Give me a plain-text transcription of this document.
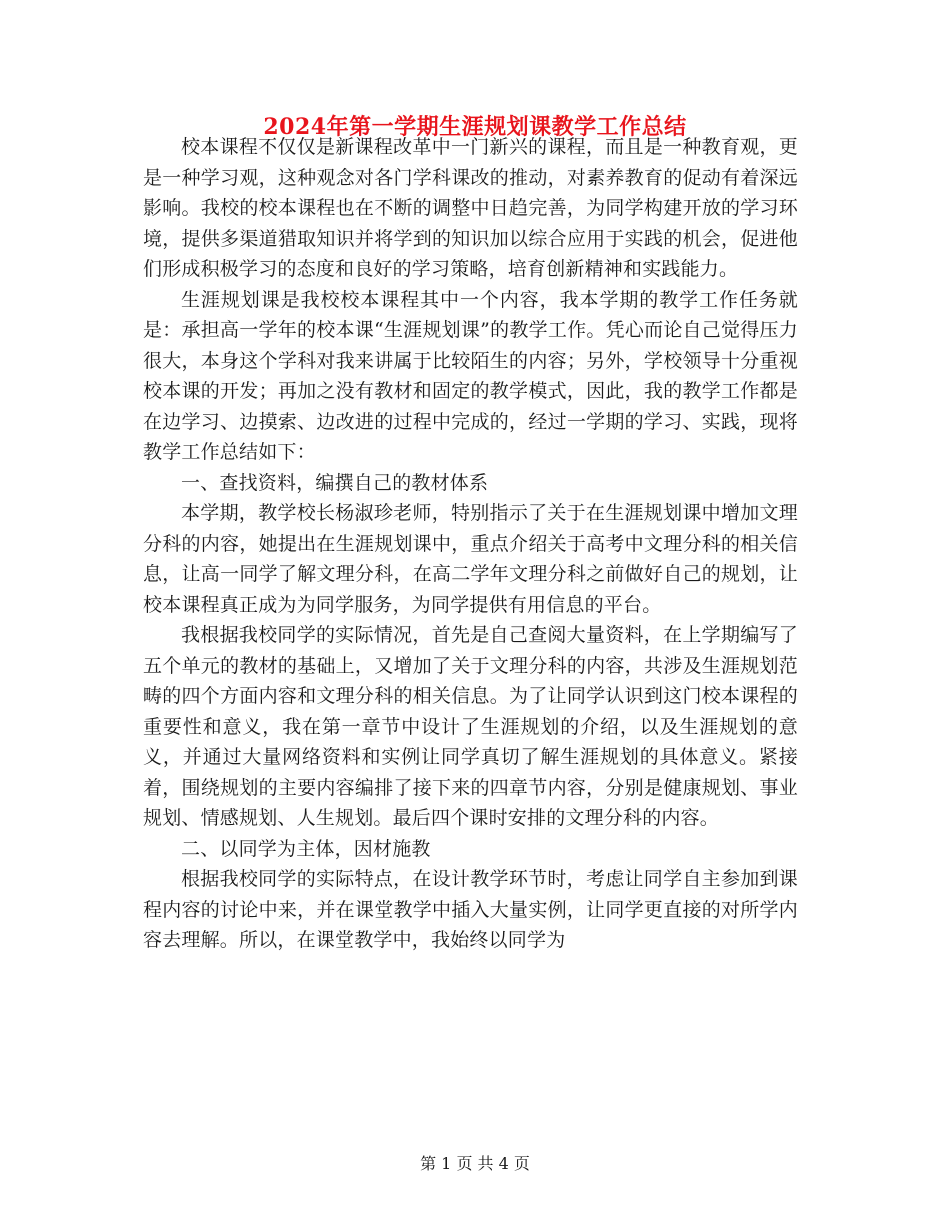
2024年第一学期生涯规划课教学工作总结

校本课程不仅仅是新课程改革中一门新兴的课程，而且是一种教育观，更是一种学习观，这种观念对各门学科课改的推动，对素养教育的促动有着深远影响。我校的校本课程也在不断的调整中日趋完善，为同学构建开放的学习环境，提供多渠道猎取知识并将学到的知识加以综合应用于实践的机会，促进他们形成积极学习的态度和良好的学习策略，培育创新精神和实践能力。

生涯规划课是我校校本课程其中一个内容，我本学期的教学工作任务就是：承担高一学年的校本课“生涯规划课”的教学工作。凭心而论自己觉得压力很大，本身这个学科对我来讲属于比较陌生的内容；另外，学校领导十分重视校本课的开发；再加之没有教材和固定的教学模式，因此，我的教学工作都是在边学习、边摸索、边改进的过程中完成的，经过一学期的学习、实践，现将教学工作总结如下：

一、查找资料，编撰自己的教材体系

本学期，教学校长杨淑珍老师，特别指示了关于在生涯规划课中增加文理分科的内容，她提出在生涯规划课中，重点介绍关于高考中文理分科的相关信息，让高一同学了解文理分科，在高二学年文理分科之前做好自己的规划，让校本课程真正成为为同学服务，为同学提供有用信息的平台。

我根据我校同学的实际情况，首先是自己查阅大量资料，在上学期编写了五个单元的教材的基础上，又增加了关于文理分科的内容，共涉及生涯规划范畴的四个方面内容和文理分科的相关信息。为了让同学认识到这门校本课程的重要性和意义，我在第一章节中设计了生涯规划的介绍，以及生涯规划的意义，并通过大量网络资料和实例让同学真切了解生涯规划的具体意义。紧接着，围绕规划的主要内容编排了接下来的四章节内容，分别是健康规划、事业规划、情感规划、人生规划。最后四个课时安排的文理分科的内容。

二、以同学为主体，因材施教

根据我校同学的实际特点，在设计教学环节时，考虑让同学自主参加到课程内容的讨论中来，并在课堂教学中插入大量实例，让同学更直接的对所学内容去理解。所以，在课堂教学中，我始终以同学为

第 1 页 共 4 页
